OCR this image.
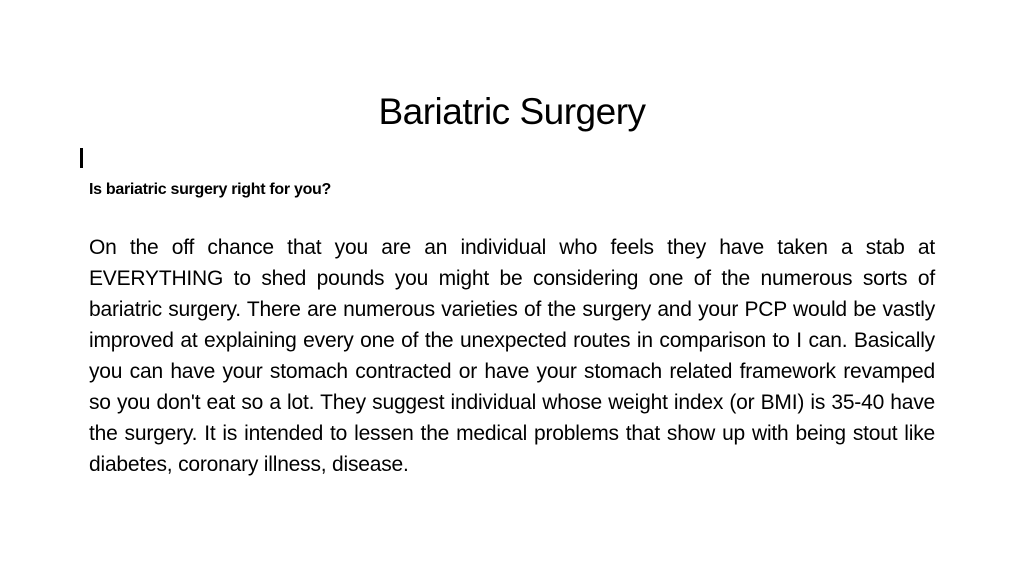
Bariatric Surgery
Is bariatric surgery right for you?
On the off chance that you are an individual who feels they have taken a stab at EVERYTHING to shed pounds you might be considering one of the numerous sorts of bariatric surgery. There are numerous varieties of the surgery and your PCP would be vastly improved at explaining every one of the unexpected routes in comparison to I can. Basically you can have your stomach contracted or have your stomach related framework revamped so you don't eat so a lot. They suggest individual whose weight index (or BMI) is 35-40 have the surgery. It is intended to lessen the medical problems that show up with being stout like diabetes, coronary illness, disease.
